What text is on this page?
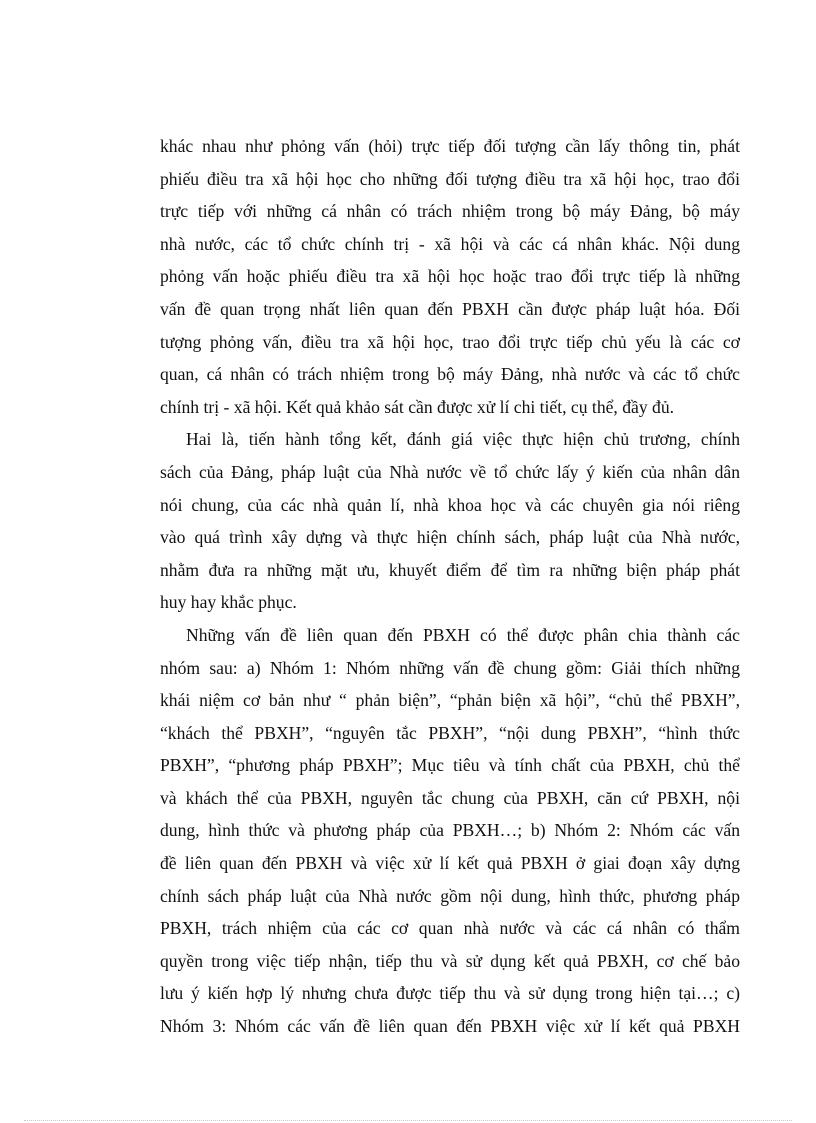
khác nhau như phỏng vấn (hỏi) trực tiếp đối tượng cần lấy thông tin, phát
phiếu điều tra xã hội học cho những đối tượng điều tra xã hội học, trao đổi
trực tiếp với những cá nhân có trách nhiệm trong bộ máy Đảng, bộ máy
nhà nước, các tổ chức chính trị - xã hội và các cá nhân khác. Nội dung
phỏng vấn hoặc phiếu điều tra xã hội học hoặc trao đổi trực tiếp là những
vấn đề quan trọng nhất liên quan đến PBXH cần được pháp luật hóa. Đối
tượng phỏng vấn, điều tra xã hội học, trao đổi trực tiếp chủ yếu là các cơ
quan, cá nhân có trách nhiệm trong bộ máy Đảng, nhà nước và các tổ chức
chính trị - xã hội. Kết quả khảo sát cần được xử lí chi tiết, cụ thể, đầy đủ.
Hai là, tiến hành tổng kết, đánh giá việc thực hiện chủ trương, chính
sách của Đảng, pháp luật của Nhà nước về tổ chức lấy ý kiến của nhân dân
nói chung, của các nhà quản lí, nhà khoa học và các chuyên gia nói riêng
vào quá trình xây dựng và thực hiện chính sách, pháp luật của Nhà nước,
nhằm đưa ra những mặt ưu, khuyết điểm để tìm ra những biện pháp phát
huy hay khắc phục.
Những vấn đề liên quan đến PBXH có thể được phân chia thành các
nhóm sau: a) Nhóm 1: Nhóm những vấn đề chung gồm: Giải thích những
khái niệm cơ bản như “ phản biện”, “phản biện xã hội”, “chủ thể PBXH”,
“khách thể PBXH”, “nguyên tắc PBXH”, “nội dung PBXH”, “hình thức
PBXH”, “phương pháp PBXH”; Mục tiêu và tính chất của PBXH, chủ thể
và khách thể của PBXH, nguyên tắc chung của PBXH, căn cứ PBXH, nội
dung, hình thức và phương pháp của PBXH…; b) Nhóm 2: Nhóm các vấn
đề liên quan đến PBXH và việc xử lí kết quả PBXH ở giai đoạn xây dựng
chính sách pháp luật của Nhà nước gồm nội dung, hình thức, phương pháp
PBXH, trách nhiệm của các cơ quan nhà nước và các cá nhân có thẩm
quyền trong việc tiếp nhận, tiếp thu và sử dụng kết quả PBXH, cơ chế bảo
lưu ý kiến hợp lý nhưng chưa được tiếp thu và sử dụng trong hiện tại…; c)
Nhóm 3: Nhóm các vấn đề liên quan đến PBXH việc xử lí kết quả PBXH
